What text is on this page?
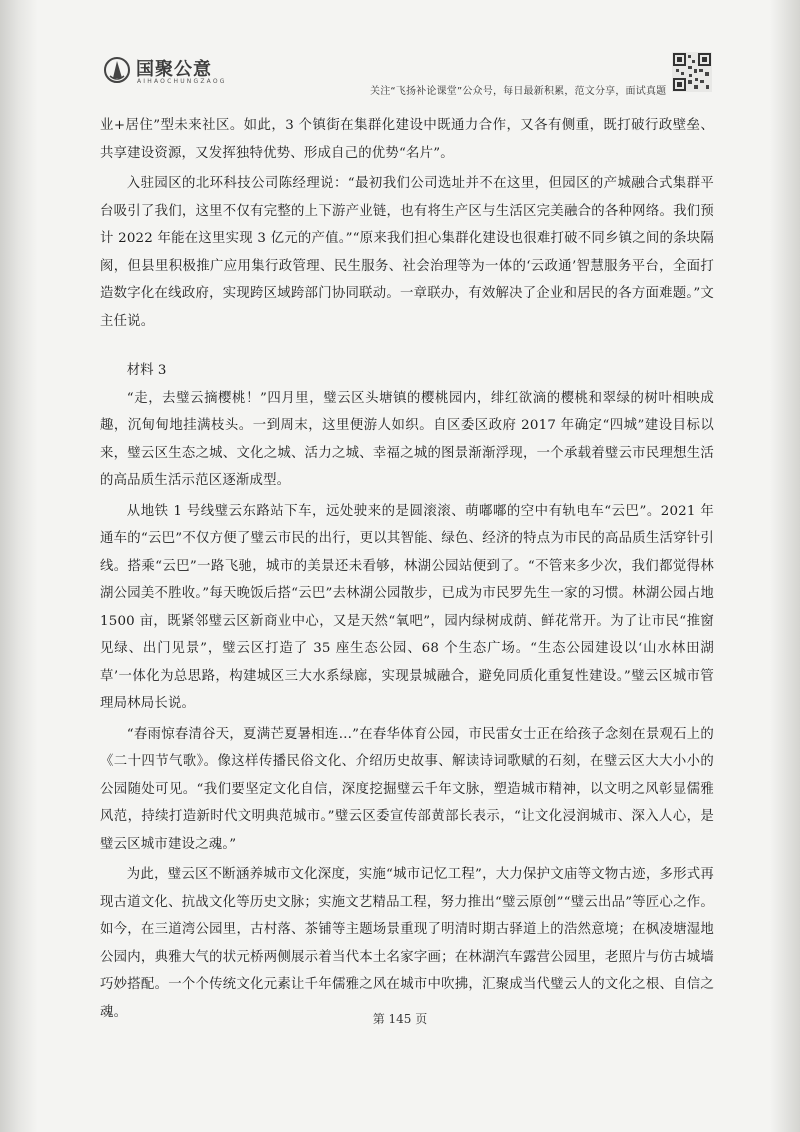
国聚公意
AIHAOCHUNGZAOG
关注“飞扬补论课堂”公众号，每日最新积累，范文分享，面试真题

业+居住”型未来社区。如此，3 个镇街在集群化建设中既通力合作，又各有侧重，既打破行政壁垒、共享建设资源，又发挥独特优势、形成自己的优势“名片”。

入驻园区的北环科技公司陈经理说：“最初我们公司选址并不在这里，但园区的产城融合式集群平台吸引了我们，这里不仅有完整的上下游产业链，也有将生产区与生活区完美融合的各种网络。我们预计 2022 年能在这里实现 3 亿元的产值。”“原来我们担心集群化建设也很难打破不同乡镇之间的条块隔阂，但县里积极推广应用集行政管理、民生服务、社会治理等为一体的‘云政通’智慧服务平台，全面打造数字化在线政府，实现跨区域跨部门协同联动。一章联办，有效解决了企业和居民的各方面难题。”文主任说。

材料 3

“走，去璧云摘樱桃！”四月里，璧云区头塘镇的樱桃园内，绯红欲滴的樱桃和翠绿的树叶相映成趣，沉甸甸地挂满枝头。一到周末，这里便游人如织。自区委区政府 2017 年确定“四城”建设目标以来，璧云区生态之城、文化之城、活力之城、幸福之城的图景渐渐浮现，一个承载着璧云市民理想生活的高品质生活示范区逐渐成型。

从地铁 1 号线璧云东路站下车，远处驶来的是圆滚滚、萌嘟嘟的空中有轨电车“云巴”。2021 年通车的“云巴”不仅方便了璧云市民的出行，更以其智能、绿色、经济的特点为市民的高品质生活穿针引线。搭乘“云巴”一路飞驰，城市的美景还未看够，林湖公园站便到了。“不管来多少次，我们都觉得林湖公园美不胜收。”每天晚饭后搭“云巴”去林湖公园散步，已成为市民罗先生一家的习惯。林湖公园占地 1500 亩，既紧邻璧云区新商业中心，又是天然“氧吧”，园内绿树成荫、鲜花常开。为了让市民“推窗见绿、出门见景”，璧云区打造了 35 座生态公园、68 个生态广场。“生态公园建设以‘山水林田湖草’一体化为总思路，构建城区三大水系绿廊，实现景城融合，避免同质化重复性建设。”璧云区城市管理局林局长说。

“春雨惊春清谷天，夏满芒夏暑相连…”在春华体育公园，市民雷女士正在给孩子念刻在景观石上的《二十四节气歌》。像这样传播民俗文化、介绍历史故事、解读诗词歌赋的石刻，在璧云区大大小小的公园随处可见。“我们要坚定文化自信，深度挖掘璧云千年文脉，塑造城市精神，以文明之风彰显儒雅风范，持续打造新时代文明典范城市。”璧云区委宣传部黄部长表示，“让文化浸润城市、深入人心，是璧云区城市建设之魂。”

为此，璧云区不断涵养城市文化深度，实施“城市记忆工程”，大力保护文庙等文物古迹，多形式再现古道文化、抗战文化等历史文脉；实施文艺精品工程，努力推出“璧云原创”“璧云出品”等匠心之作。如今，在三道湾公园里，古村落、茶铺等主题场景重现了明清时期古驿道上的浩然意境；在枫凌塘湿地公园内，典雅大气的状元桥两侧展示着当代本土名家字画；在林湖汽车露营公园里，老照片与仿古城墙巧妙搭配。一个个传统文化元素让千年儒雅之风在城市中吹拂，汇聚成当代璧云人的文化之根、自信之魂。	第 145 页
